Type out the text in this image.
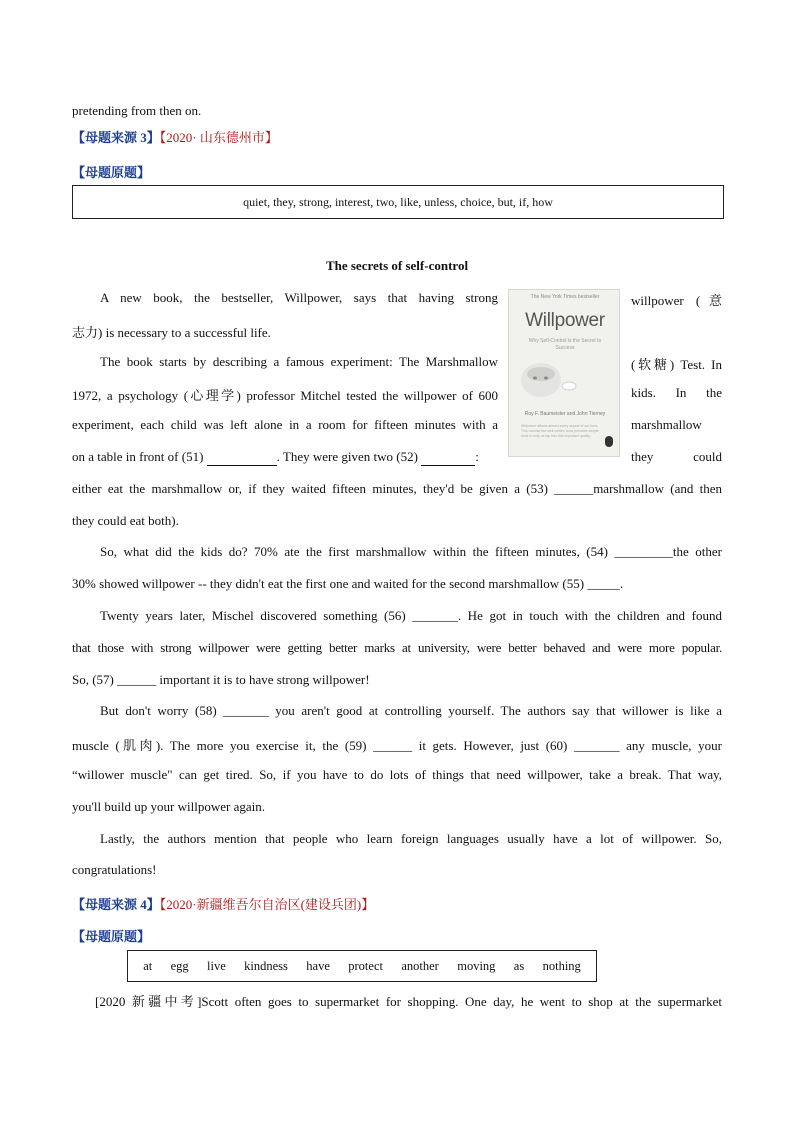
pretending from then on.
【母题来源 3】【2020· 山东德州市】
【母题原题】
quiet, they, strong, interest, two, like, unless, choice, but, if, how
The secrets of self-control
The New York Times bestseller
Willpower
Why Self-Control is the Secret to Success
Roy F. Baumeister and John Tierney
Willpower affects almost every aspect of our lives. This concise but well-written book provides simple tools to help us tap into this important quality.
A new book, the bestseller, Willpower, says that having strong	willpower (意
志力) is necessary to a successful life.
The book starts by describing a famous experiment: The Marshmallow	(软糖) Test. In
1972, a psychology (心理学) professor Mitchel tested the willpower of 600	kids. In the
experiment, each child was left alone in a room for fifteen minutes with a	marshmallow
on a table in front of (51)	. They were given two (52)	:	they could
either eat the marshmallow or, if they waited fifteen minutes, they'd be given a (53) ______marshmallow (and then
they could eat both).
So, what did the kids do? 70% ate the first marshmallow within the fifteen minutes, (54) _________the other
30% showed willpower -- they didn't eat the first one and waited for the second marshmallow (55) _____.
Twenty years later, Mischel discovered something (56) _______. He got in touch with the children and found
that those with strong willpower were getting better marks at university, were better behaved and were more popular.
So, (57) ______ important it is to have strong willpower!
But don't worry (58) _______ you aren't good at controlling yourself. The authors say that willower is like a
muscle (肌肉). The more you exercise it, the (59) ______ it gets. However, just (60) _______ any muscle, your
“willower muscle" can get tired. So, if you have to do lots of things that need willpower, take a break. That way,
you'll build up your willpower again.
Lastly, the authors mention that people who learn foreign languages usually have a lot of willpower. So,
congratulations!
【母题来源 4】【2020·新疆维吾尔自治区(建设兵团)】
【母题原题】
at egg live kindness have protect another moving as nothing
[2020 新疆中考]Scott often goes to supermarket for shopping. One day, he went to shop at the supermarket
